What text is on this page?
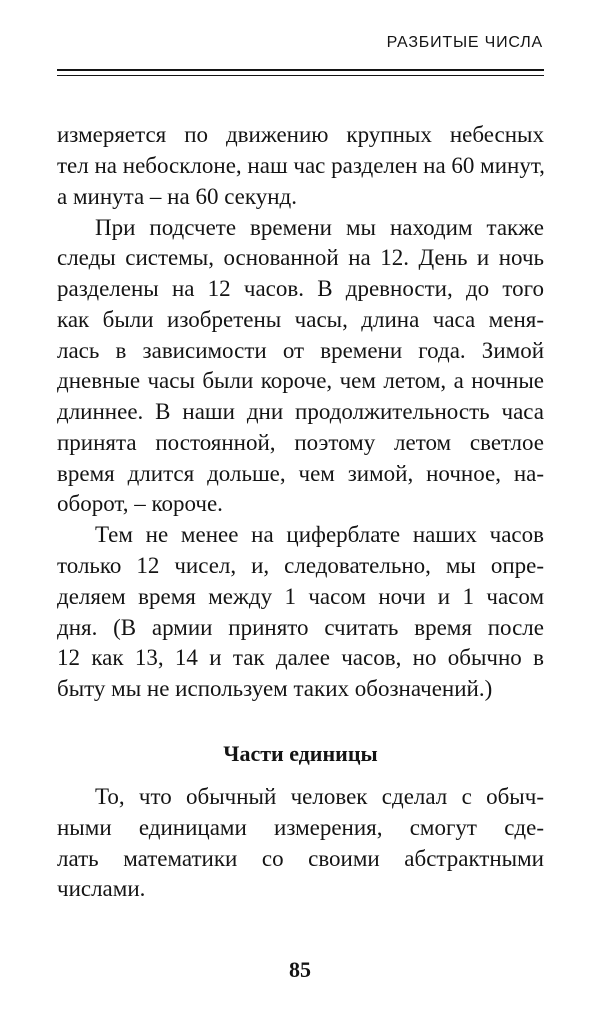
РАЗБИТЫЕ ЧИСЛА
измеряется по движению крупных небесных
тел на небосклоне, наш час разделен на 60 минут,
а минута – на 60 секунд.
При подсчете времени мы находим также
следы системы, основанной на 12. День и ночь
разделены на 12 часов. В древности, до того
как были изобретены часы, длина часа меня-
лась в зависимости от времени года. Зимой
дневные часы были короче, чем летом, а ночные
длиннее. В наши дни продолжительность часа
принята постоянной, поэтому летом светлое
время длится дольше, чем зимой, ночное, на-
оборот, – короче.
Тем не менее на циферблате наших часов
только 12 чисел, и, следовательно, мы опре-
деляем время между 1 часом ночи и 1 часом
дня. (В армии принято считать время после
12 как 13, 14 и так далее часов, но обычно в
быту мы не используем таких обозначений.)
Части единицы
То, что обычный человек сделал с обыч-
ными единицами измерения, смогут сде-
лать математики со своими абстрактными
числами.
85
